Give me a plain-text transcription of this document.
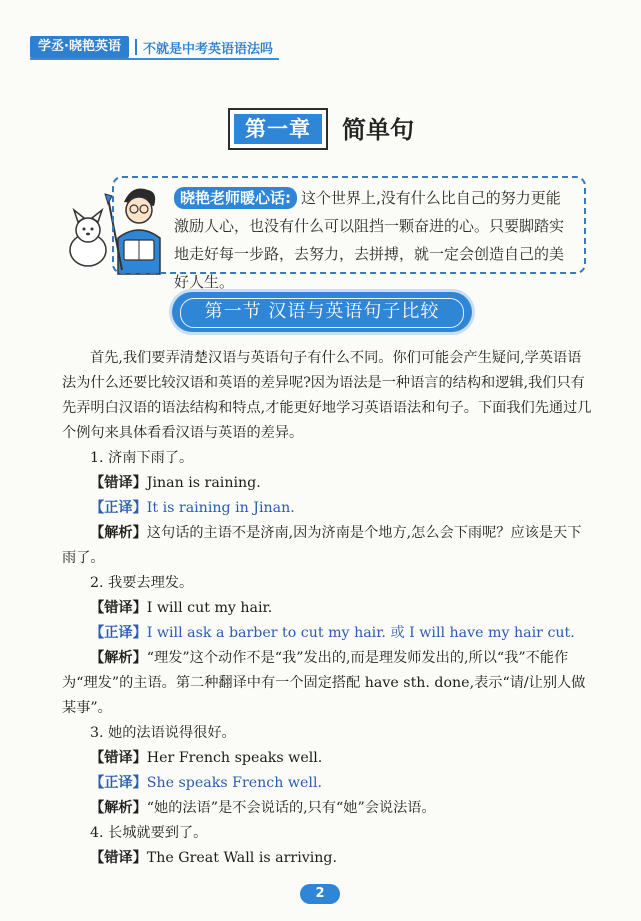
学丞·晓艳英语	不就是中考英语语法吗
第一章	简单句
晓艳老师暖心话: 这个世界上,没有什么比自己的努力更能激励人心，也没有什么可以阻挡一颗奋进的心。只要脚踏实地走好每一步路，去努力，去拼搏，就一定会创造自己的美好人生。
第一节 汉语与英语句子比较

首先,我们要弄清楚汉语与英语句子有什么不同。你们可能会产生疑问,学英语语法为什么还要比较汉语和英语的差异呢?因为语法是一种语言的结构和逻辑,我们只有先弄明白汉语的语法结构和特点,才能更好地学习英语语法和句子。下面我们先通过几个例句来具体看看汉语与英语的差异。

1. 济南下雨了。

【错译】Jinan is raining.

【正译】It is raining in Jinan.

【解析】这句话的主语不是济南,因为济南是个地方,怎么会下雨呢？应该是天下雨了。

2. 我要去理发。

【错译】I will cut my hair.

【正译】I will ask a barber to cut my hair. 或 I will have my hair cut.

【解析】“理发”这个动作不是“我”发出的,而是理发师发出的,所以“我”不能作为“理发”的主语。第二种翻译中有一个固定搭配 have sth. done,表示“请/让别人做某事”。

3. 她的法语说得很好。

【错译】Her French speaks well.

【正译】She speaks French well.

【解析】“她的法语”是不会说话的,只有“她”会说法语。

4. 长城就要到了。

【错译】The Great Wall is arriving.

2
